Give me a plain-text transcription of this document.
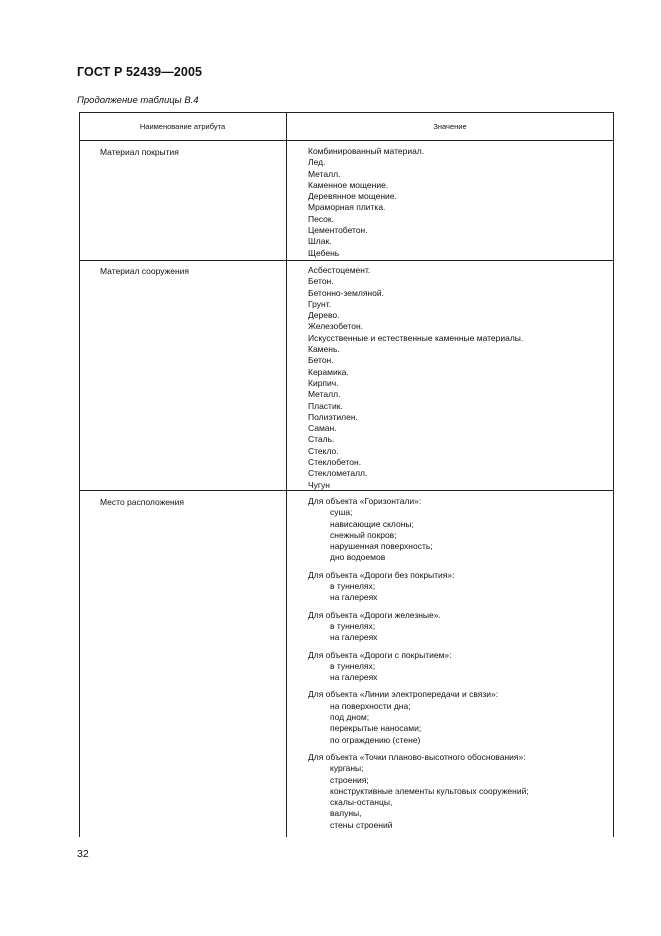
ГОСТ Р 52439—2005
Продолжение таблицы В.4
Наименование атрибута	Значение
Материал покрытия	Комбинированный материал.
Лед.
Металл.
Каменное мощение.
Деревянное мощение.
Мраморная плитка.
Песок.
Цементобетон.
Шлак.
Щебень
Материал сооружения	Асбестоцемент.
Бетон.
Бетонно-земляной.
Грунт.
Дерево.
Железобетон.
Искусственные и естественные каменные материалы.
Камень.
Бетон.
Керамика.
Кирпич.
Металл.
Пластик.
Полиэтилен.
Саман.
Сталь.
Стекло.
Стеклобетон.
Стеклометалл.
Чугун
Место расположения	Для объекта «Горизонтали»:
суша;
нависающие склоны;
снежный покров;
нарушенная поверхность;
дно водоемов
Для объекта «Дороги без покрытия»:
в туннелях;
на галереях
Для объекта «Дороги железные».
в туннелях;
на галереях
Для объекта «Дороги с покрытием»:
в туннелях;
на галереях
Для объекта «Линии электропередачи и связи»:
на поверхности дна;
под дном;
перекрытые наносами;
по ограждению (стене)
Для объекта «Точки планово-высотного обоснования»:
курганы;
строения;
конструктивные элементы культовых сооружений;
скалы-останцы,
валуны,
стены строений
32
